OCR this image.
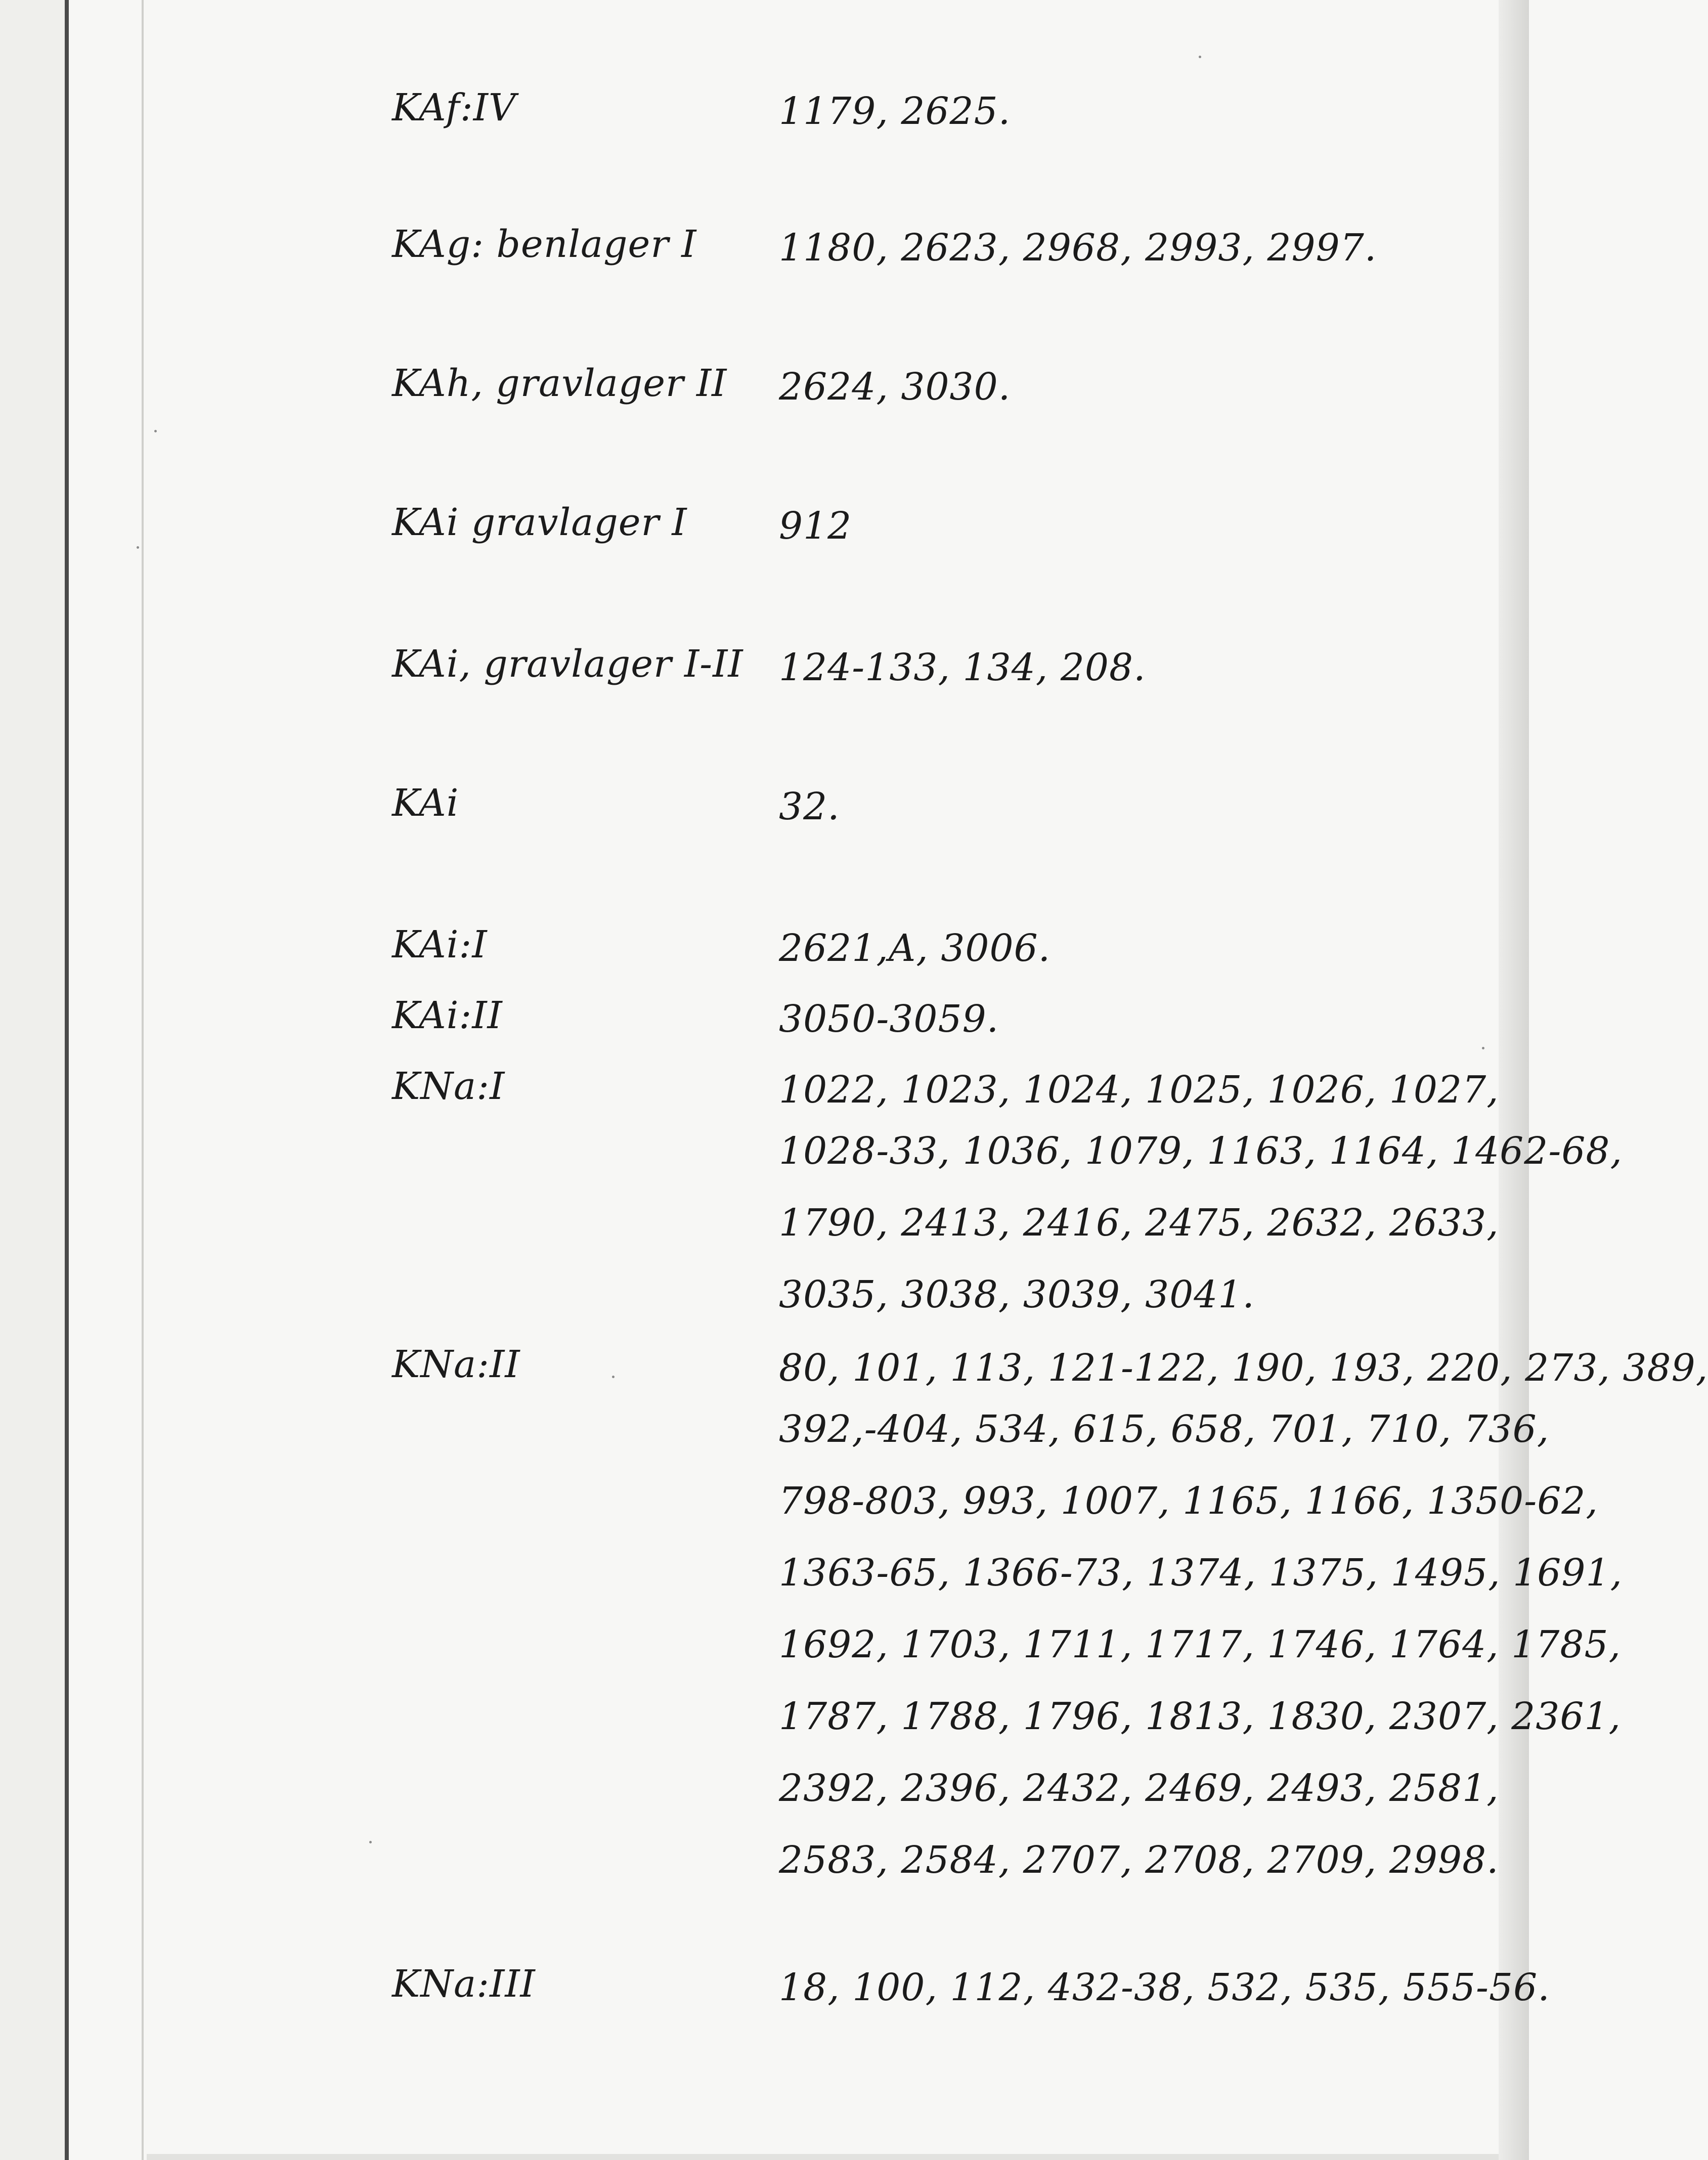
KAf:IV	1179, 2625.
KAg: benlager I 1180, 2623, 2968, 2993, 2997.
KAh, gravlager II 2624, 3030.
KAi gravlager I 912
KAi, gravlager I-II 124-133, 134, 208.
KAi	32.
KAi:I	2621,A, 3006.
KAi:II	3050-3059.
KNa:I	1022, 1023, 1024, 1025, 1026, 1027,
1028-33, 1036, 1079, 1163, 1164, 1462-68,
1790, 2413, 2416, 2475, 2632, 2633,
3035, 3038, 3039, 3041.
KNa:II	80, 101, 113, 121-122, 190, 193, 220, 273, 389,
392,-404, 534, 615, 658, 701, 710, 736,
798-803, 993, 1007, 1165, 1166, 1350-62,
1363-65, 1366-73, 1374, 1375, 1495, 1691,
1692, 1703, 1711, 1717, 1746, 1764, 1785,
1787, 1788, 1796, 1813, 1830, 2307, 2361,
2392, 2396, 2432, 2469, 2493, 2581,
2583, 2584, 2707, 2708, 2709, 2998.
KNa:III	18, 100, 112, 432-38, 532, 535, 555-56.
